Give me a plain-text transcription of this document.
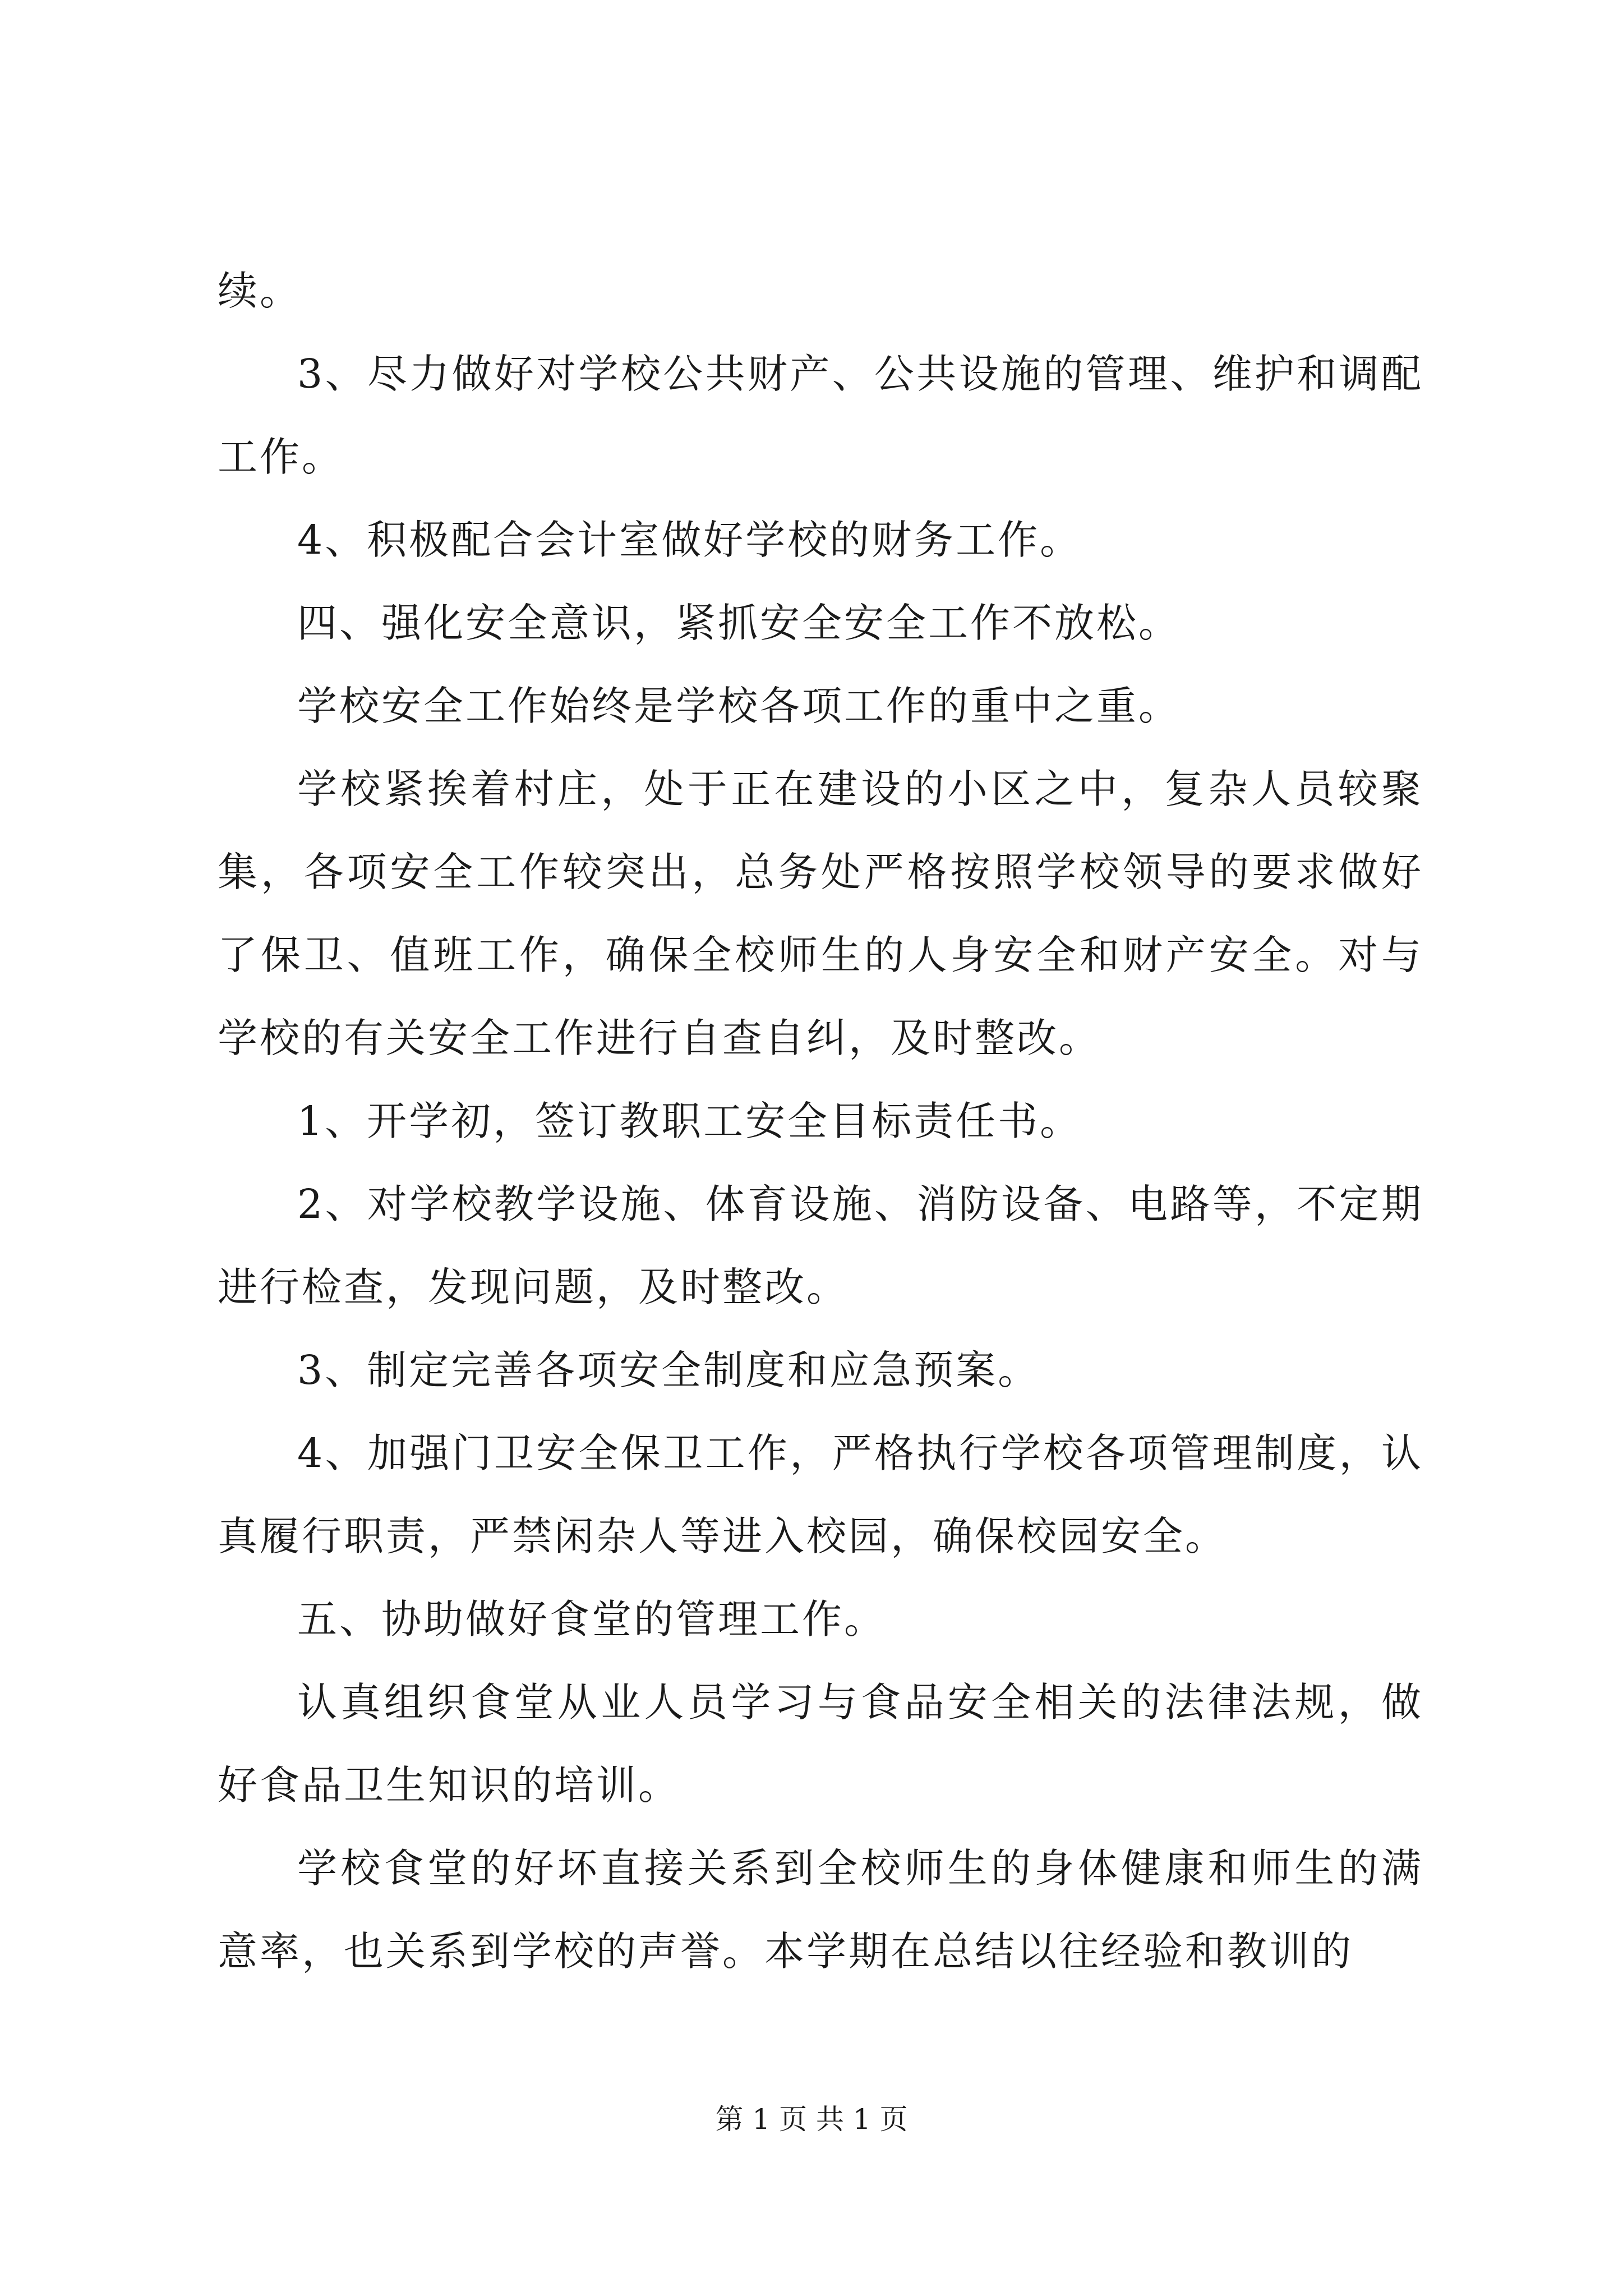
续。

3、尽力做好对学校公共财产、公共设施的管理、维护和调配工作。

4、积极配合会计室做好学校的财务工作。

四、强化安全意识，紧抓安全安全工作不放松。

学校安全工作始终是学校各项工作的重中之重。

学校紧挨着村庄，处于正在建设的小区之中，复杂人员较聚集，各项安全工作较突出，总务处严格按照学校领导的要求做好了保卫、值班工作，确保全校师生的人身安全和财产安全。对与学校的有关安全工作进行自查自纠，及时整改。

1、开学初，签订教职工安全目标责任书。

2、对学校教学设施、体育设施、消防设备、电路等，不定期进行检查，发现问题，及时整改。

3、制定完善各项安全制度和应急预案。

4、加强门卫安全保卫工作，严格执行学校各项管理制度，认真履行职责，严禁闲杂人等进入校园，确保校园安全。

五、协助做好食堂的管理工作。

认真组织食堂从业人员学习与食品安全相关的法律法规，做好食品卫生知识的培训。

学校食堂的好坏直接关系到全校师生的身体健康和师生的满意率，也关系到学校的声誉。本学期在总结以往经验和教训的

第 1 页 共 1 页
